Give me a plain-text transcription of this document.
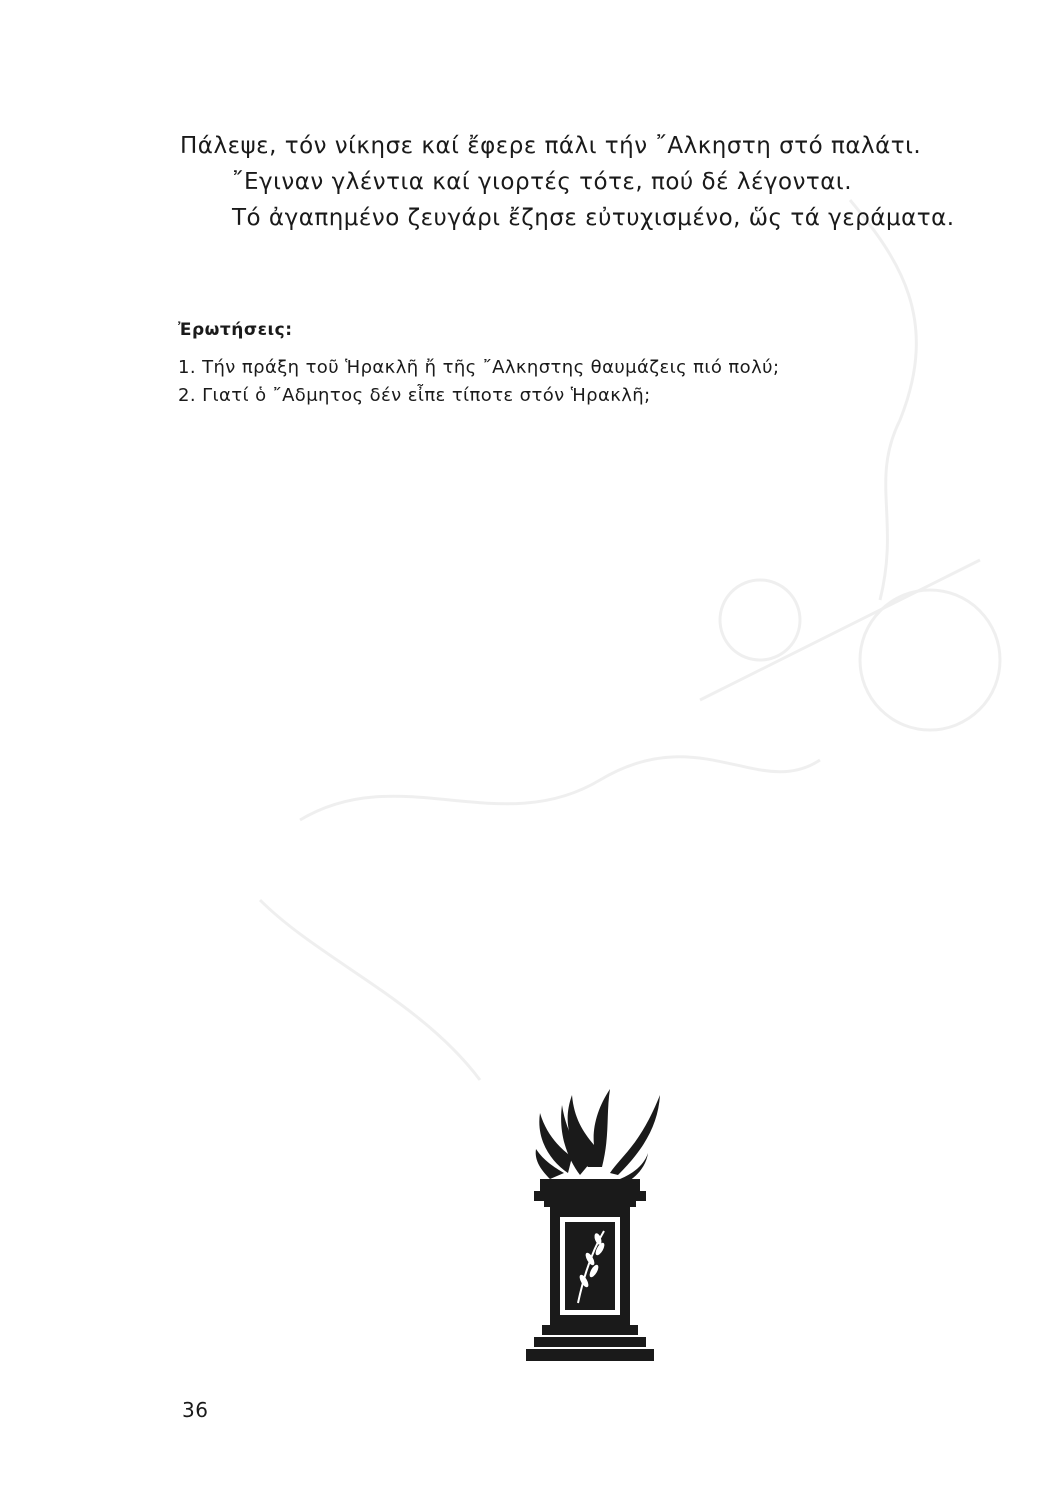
Πάλεψε, τόν νίκησε καί ἔφερε πάλι τήν ῎Αλκηστη στό παλάτι.

῎Εγιναν γλέντια καί γιορτές τότε, πού δέ λέγονται.

Τό ἀγαπημένο ζευγάρι ἔζησε εὐτυχισμένο, ὥς τά γεράματα.

Ἐρωτήσεις:
1. Τήν πράξη τοῦ Ἡρακλῆ ἤ τῆς ῎Αλκηστης θαυμάζεις πιό πολύ;
2. Γιατί ὁ ῎Αδμητος δέν εἶπε τίποτε στόν Ἡρακλῆ;
36
